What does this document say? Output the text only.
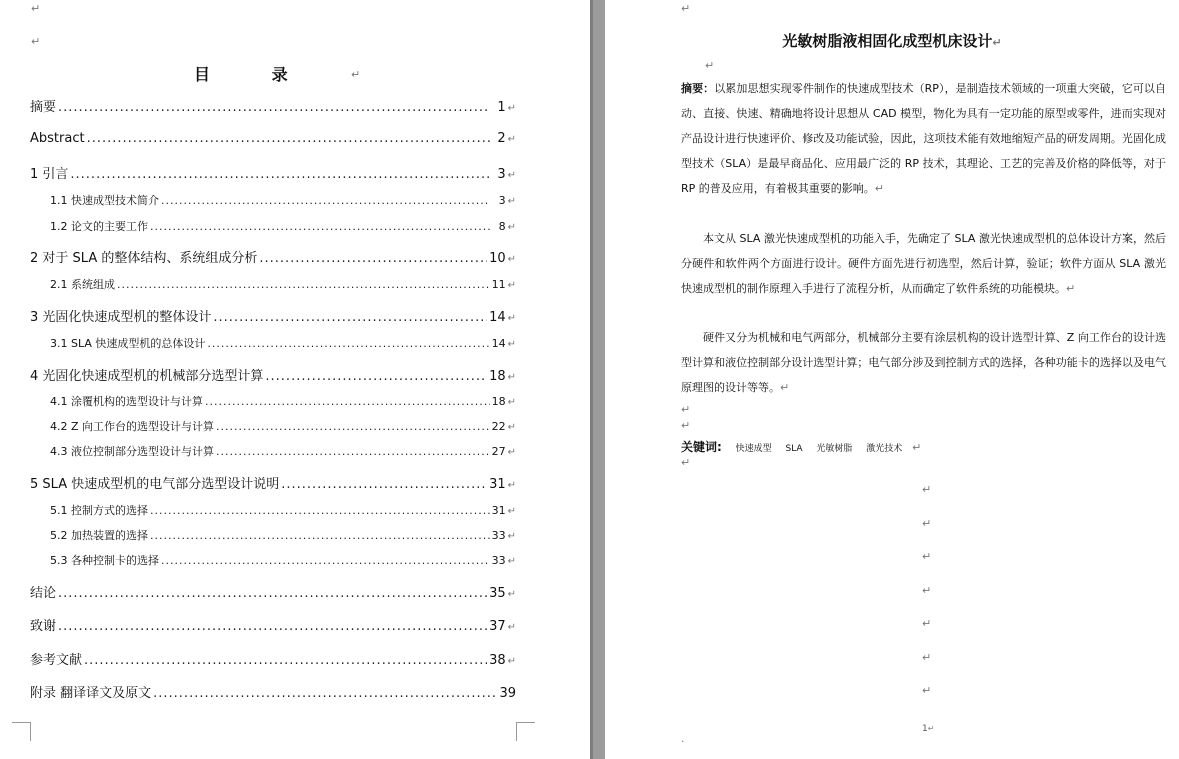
↵
↵
目 录	↵
摘要 .....	1 ↵
Abstract .....	2 ↵
1 引言 .....	3 ↵
1.1 快速成型技术简介 .....	3 ↵
1.2 论文的主要工作 .....	8 ↵
2 对于 SLA 的整体结构、系统组成分析 .....	10 ↵
2.1 系统组成 .....	11 ↵
3 光固化快速成型机的整体设计 .....	14 ↵
3.1 SLA 快速成型机的总体设计 .....	14 ↵
4 光固化快速成型机的机械部分选型计算 .....	18 ↵
4.1 涂覆机构的选型设计与计算 .....	18 ↵
4.2 Z 向工作台的选型设计与计算 .....	22 ↵
4.3 液位控制部分选型设计与计算 .....	27 ↵
5 SLA 快速成型机的电气部分选型设计说明 .....	31 ↵
5.1 控制方式的选择 .....	31 ↵
5.2 加热装置的选择 .....	33 ↵
5.3 各种控制卡的选择 .....	33 ↵
结论 .....	35 ↵
致谢 .....	37 ↵
参考文献 .....	38 ↵
附录 翻译译文及原文 .....	39
↵
光敏树脂液相固化成型机床设计↵
↵
摘要：以累加思想实现零件制作的快速成型技术（RP），是制造技术领域的一项重大突破，它可以自动、直接、快速、精确地将设计思想从 CAD 模型，物化为具有一定功能的原型或零件，进而实现对产品设计进行快速评价、修改及功能试验，因此，这项技术能有效地缩短产品的研发周期。光固化成型技术（SLA）是最早商品化、应用最广泛的 RP 技术，其理论、工艺的完善及价格的降低等，对于 RP 的普及应用，有着极其重要的影响。↵
本文从 SLA 激光快速成型机的功能入手，先确定了 SLA 激光快速成型机的总体设计方案，然后分硬件和软件两个方面进行设计。硬件方面先进行初选型，然后计算，验证；软件方面从 SLA 激光快速成型机的制作原理入手进行了流程分析，从而确定了软件系统的功能模块。↵
硬件又分为机械和电气两部分，机械部分主要有涂层机构的设计选型计算、Z 向工作台的设计选型计算和液位控制部分设计选型计算；电气部分涉及到控制方式的选择，各种功能卡的选择以及电气原理图的设计等等。↵
↵
↵
关键词: 快速成型 SLA 光敏树脂 激光技术 ↵
↵
↵
↵
↵
↵
↵
↵
↵
1↵
·
